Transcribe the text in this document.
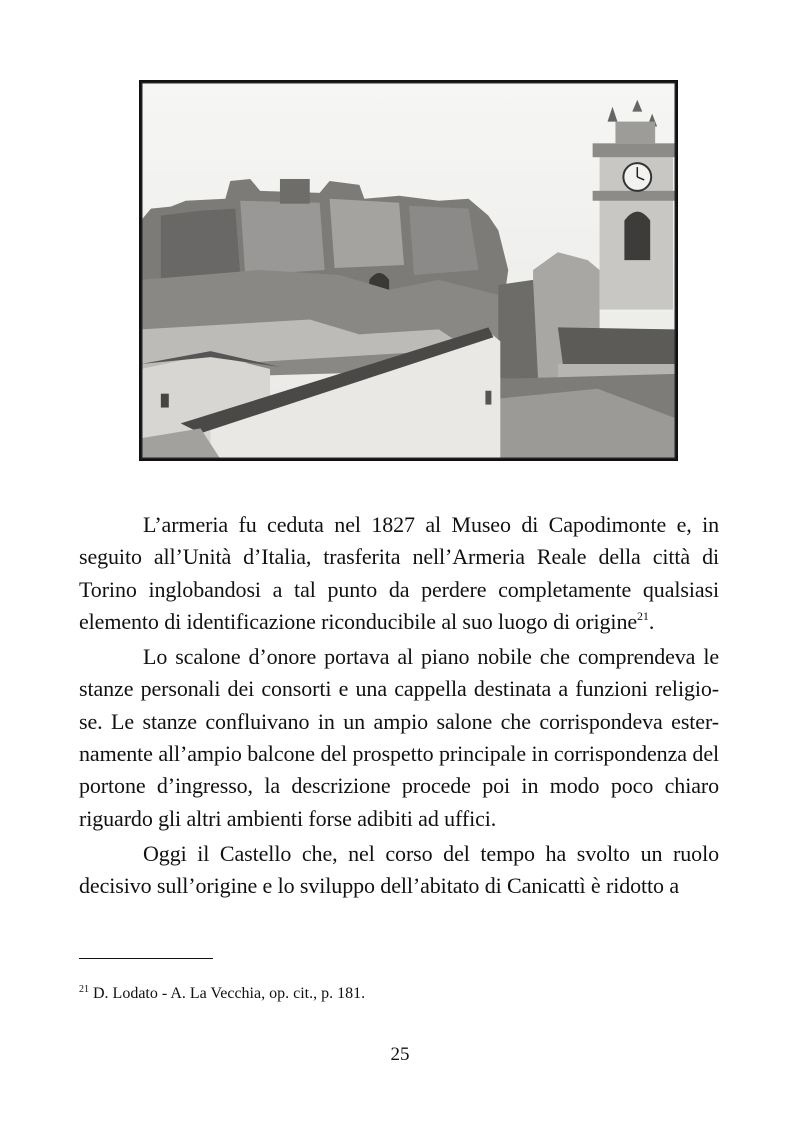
L’armeria fu ceduta nel 1827 al Museo di Capodimonte e, in seguito all’Unità d’Italia, trasferita nell’Armeria Reale della città di Torino inglobandosi a tal punto da perdere completamente qualsiasi elemento di identificazione riconducibile al suo luogo di origine$^{21}$.

Lo scalone d’onore portava al piano nobile che comprendeva le stanze personali dei consorti e una cappella destinata a funzioni religio-se. Le stanze confluivano in un ampio salone che corrispondeva ester-namente all’ampio balcone del prospetto principale in corrispondenza del portone d’ingresso, la descrizione procede poi in modo poco chiaro riguardo gli altri ambienti forse adibiti ad uffici.

Oggi il Castello che, nel corso del tempo ha svolto un ruolo decisivo sull’origine e lo sviluppo dell’abitato di Canicattì è ridotto a

$^{21}$ D. Lodato - A. La Vecchia, op. cit., p. 181.
25
